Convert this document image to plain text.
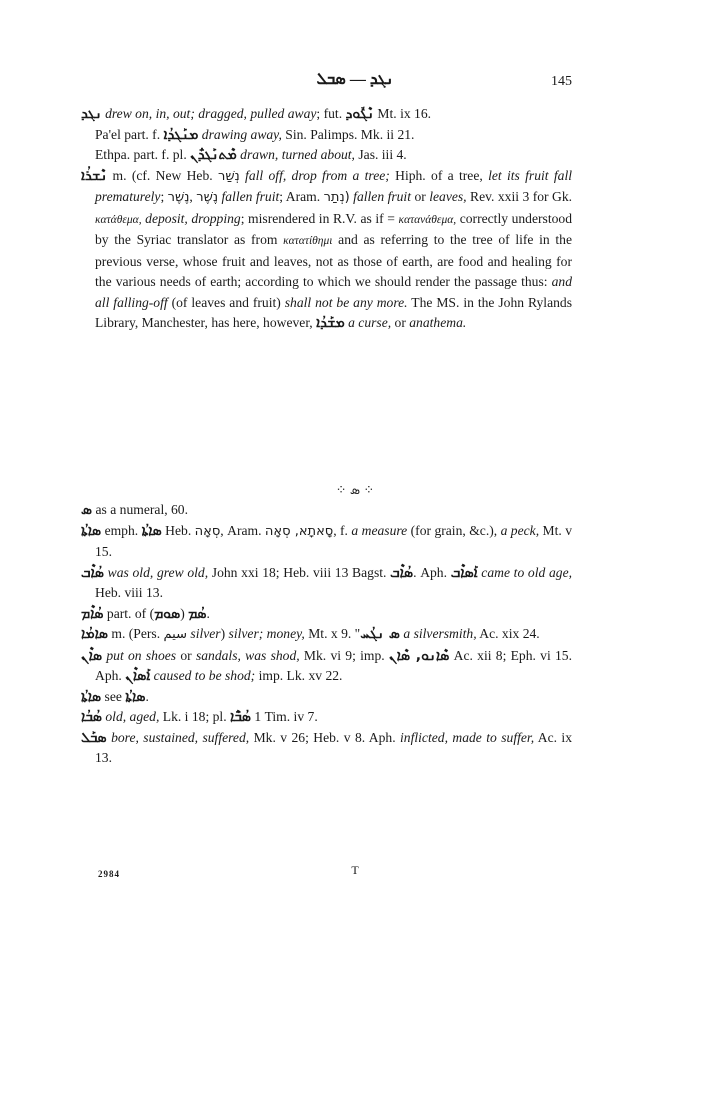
ܢܓܕ — ܣܒܠ	145

ܢܓܕ drew on, in, out; dragged, pulled away; fut. ܢܶܓܽܘܕ Mt. ix 16.

Pa'el part. f. ܡܢܰܓܕܳܐ drawing away, Sin. Palimps. Mk. ii 21.

Ethpa. part. f. pl. ܡܶܬܢܰܓܕ̈ܳܢ drawn, turned about, Jas. iii 4.

ܢܶܫܪܳܐ m. (cf. New Heb. נְשַׁר fall off, drop from a tree; Hiph. of a tree, let its fruit fall prematurely; נֶשֶׁר, נֶשֶׁר fallen fruit; Aram. (נְתַר fallen fruit or leaves, Rev. xxii 3 for Gk. κατάθεμα, deposit, dropping; misrendered in R.V. as if = κατανάθεμα, correctly understood by the Syriac translator as from κατατίθημι and as referring to the tree of life in the previous verse, whose fruit and leaves, not as those of earth, are food and healing for the various needs of earth; according to which we should render the passage thus: and all falling-off (of leaves and fruit) shall not be any more. The MS. in the John Rylands Library, Manchester, has here, however, ܡܫܰܕܳܐ a curse, or anathema.

⁘ ܣ ⁘

ܣ as a numeral, 60.

ܣܐܬܳܐ emph. ܣܐܬܳܐ Heb. סְאָה, Aram. סָאתָא, סְאָה, f. a measure (for grain, &c.), a peck, Mt. v 15.

ܣܳܐܶܒ was old, grew old, John xxi 18; Heb. viii 13 Bagst. ܣܳܐܶܒ. Aph. ܐܰܣܐܶܒ came to old age, Heb. viii 13.

ܣܳܐܶܡ part. of (ܣܘܡ) ܣܳܡ.

ܣܐܡܳܐ m. (Pers. سیم silver) silver; money, Mt. x 9. "ܣ ܢܓܳܚ a silversmith, Ac. xix 24.

ܣܐܶܢ put on shoes or sandals, was shod, Mk. vi 9; imp. ܣܶܐܢܘ, ܣܶܐܢ Ac. xii 8; Eph. vi 15. Aph. ܐܰܣܐܶܢ caused to be shod; imp. Lk. xv 22.

ܣܐܬܳܐ see ܣܐܬܳܐ.

ܣܳܒܳܐ old, aged, Lk. i 18; pl. ܣܳܒ̈ܶܐ 1 Tim. iv 7.

ܣܒܰܠ bore, sustained, suffered, Mk. v 26; Heb. v 8. Aph. inflicted, made to suffer, Ac. ix 13.

2984	T
